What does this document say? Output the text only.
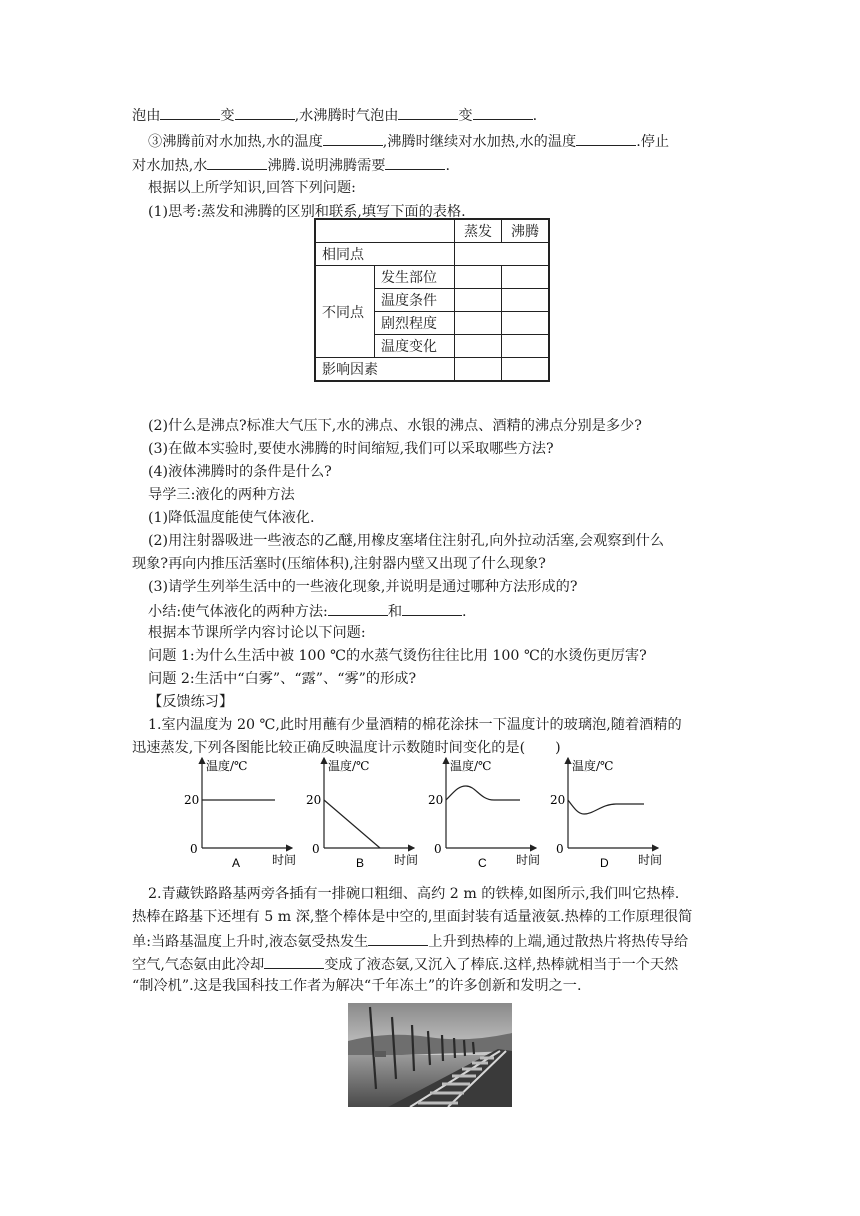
泡由	变	,水沸腾时气泡由	变	.
③沸腾前对水加热,水的温度	,沸腾时继续对水加热,水的温度	.停止
对水加热,水	沸腾.说明沸腾需要	.
根据以上所学知识,回答下列问题:
(1)思考:蒸发和沸腾的区别和联系,填写下面的表格.
		蒸发	沸腾
相同点			
不同点	发生部位		
	温度条件		
	剧烈程度		
	温度变化		
影响因素			
(2)什么是沸点?标准大气压下,水的沸点、水银的沸点、酒精的沸点分别是多少?
(3)在做本实验时,要使水沸腾的时间缩短,我们可以采取哪些方法?
(4)液体沸腾时的条件是什么?
导学三:液化的两种方法
(1)降低温度能使气体液化.
(2)用注射器吸进一些液态的乙醚,用橡皮塞堵住注射孔,向外拉动活塞,会观察到什么
现象?再向内推压活塞时(压缩体积),注射器内壁又出现了什么现象?
(3)请学生列举生活中的一些液化现象,并说明是通过哪种方法形成的?
小结:使气体液化的两种方法:	和	.
根据本节课所学内容讨论以下问题:
问题 1:为什么生活中被 100 ℃的水蒸气烫伤往往比用 100 ℃的水烫伤更厉害?
问题 2:生活中“白雾”、“露”、“雾”的形成?
【反馈练习】
1.室内温度为 20 ℃,此时用蘸有少量酒精的棉花涂抹一下温度计的玻璃泡,随着酒精的
迅速蒸发,下列各图能比较正确反映温度计示数随时间变化的是( )
温度/℃
20
0
时间
A
温度/℃
20
0
时间
B
温度/℃
20
0
时间
C
温度/℃
20
0
时间
D
2.青藏铁路路基两旁各插有一排碗口粗细、高约 2 m 的铁棒,如图所示,我们叫它热棒.
热棒在路基下还埋有 5 m 深,整个棒体是中空的,里面封装有适量液氨.热棒的工作原理很简
单:当路基温度上升时,液态氨受热发生	上升到热棒的上端,通过散热片将热传导给
空气,气态氨由此冷却	变成了液态氨,又沉入了棒底.这样,热棒就相当于一个天然
“制冷机”.这是我国科技工作者为解决“千年冻土”的许多创新和发明之一.
